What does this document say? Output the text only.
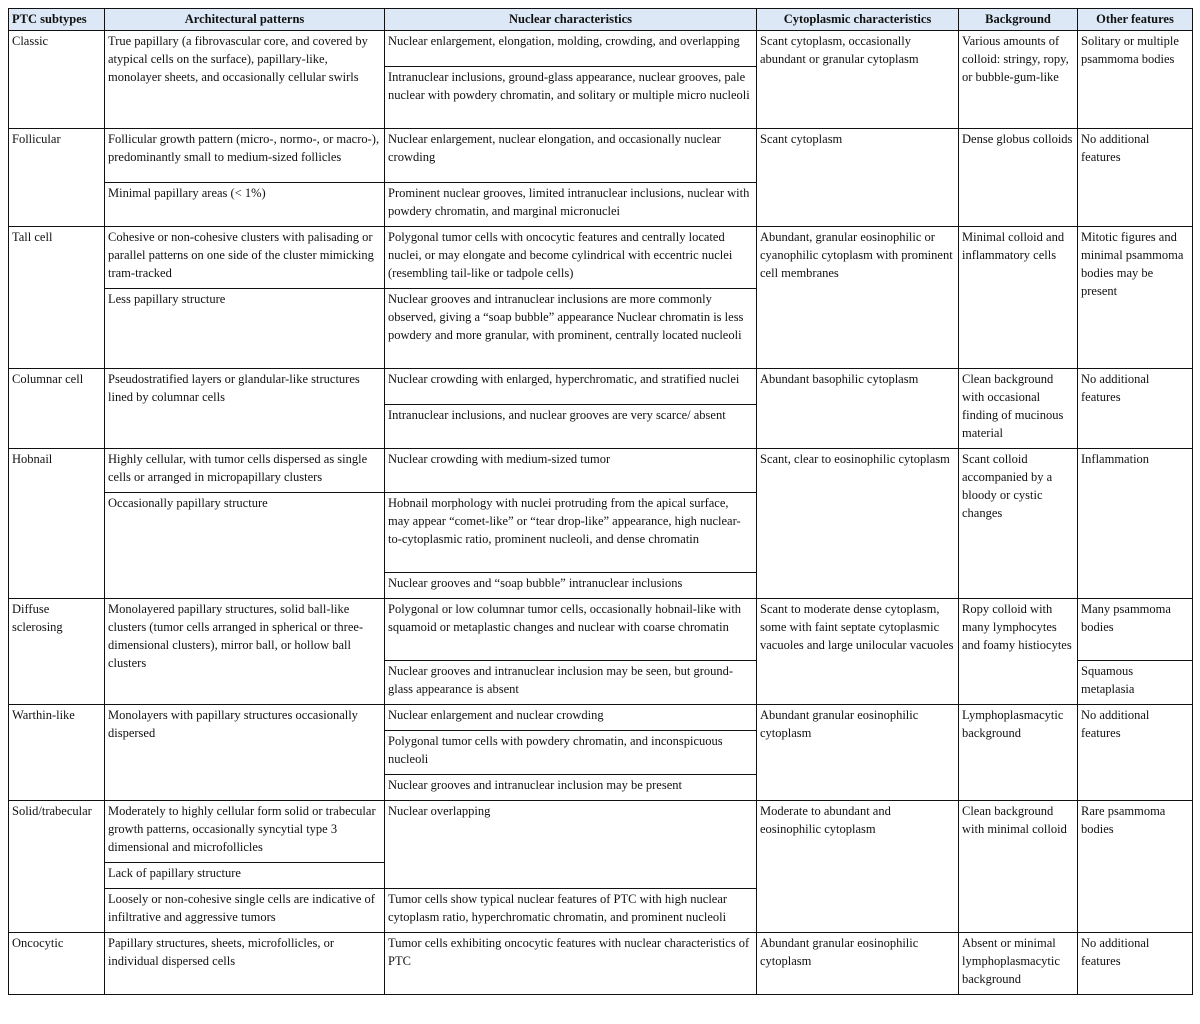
PTC subtypes	Architectural patterns	Nuclear characteristics	Cytoplasmic characteristics	Background	Other features
Classic	True papillary (a fibrovascular core, and covered by atypical cells on the surface), papillary-like, monolayer sheets, and occasionally cellular swirls	Nuclear enlargement, elongation, molding, crowding, and overlapping	Scant cytoplasm, occasionally abundant or granular cytoplasm	Various amounts of colloid: stringy, ropy, or bubble-gum-like	Solitary or multiple psammoma bodies
		Intranuclear inclusions, ground-glass appearance, nuclear grooves, pale nuclear with powdery chromatin, and solitary or multiple micro nucleoli			
Follicular	Follicular growth pattern (micro-, normo-, or macro-), predominantly small to medium-sized follicles	Nuclear enlargement, nuclear elongation, and occasionally nuclear crowding	Scant cytoplasm	Dense globus colloids	No additional features
	Minimal papillary areas (< 1%)	Prominent nuclear grooves, limited intranuclear inclusions, nuclear with powdery chromatin, and marginal micronuclei			
Tall cell	Cohesive or non-cohesive clusters with palisading or parallel patterns on one side of the cluster mimicking tram-tracked	Polygonal tumor cells with oncocytic features and centrally located nuclei, or may elongate and become cylindrical with eccentric nuclei (resembling tail-like or tadpole cells)	Abundant, granular eosinophilic or cyanophilic cytoplasm with prominent cell membranes	Minimal colloid and inflammatory cells	Mitotic figures and minimal psammoma bodies may be present
	Less papillary structure	Nuclear grooves and intranuclear inclusions are more commonly observed, giving a “soap bubble” appearance Nuclear chromatin is less powdery and more granular, with prominent, centrally located nucleoli			
Columnar cell	Pseudostratified layers or glandular-like structures lined by columnar cells	Nuclear crowding with enlarged, hyperchromatic, and stratified nuclei	Abundant basophilic cytoplasm	Clean background with occasional finding of mucinous material	No additional features
		Intranuclear inclusions, and nuclear grooves are very scarce/ absent			
Hobnail	Highly cellular, with tumor cells dispersed as single cells or arranged in micropapillary clusters	Nuclear crowding with medium-sized tumor	Scant, clear to eosinophilic cytoplasm	Scant colloid accompanied by a bloody or cystic changes	Inflammation
	Occasionally papillary structure	Hobnail morphology with nuclei protruding from the apical surface, may appear “comet-like” or “tear drop-like” appearance, high nuclear-to-cytoplasmic ratio, prominent nucleoli, and dense chromatin			
		Nuclear grooves and “soap bubble” intranuclear inclusions			
Diffuse sclerosing	Monolayered papillary structures, solid ball-like clusters (tumor cells arranged in spherical or three-dimensional clusters), mirror ball, or hollow ball clusters	Polygonal or low columnar tumor cells, occasionally hobnail-like with squamoid or metaplastic changes and nuclear with coarse chromatin	Scant to moderate dense cytoplasm, some with faint septate cytoplasmic vacuoles and large unilocular vacuoles	Ropy colloid with many lymphocytes and foamy histiocytes	Many psammoma bodies
		Nuclear grooves and intranuclear inclusion may be seen, but ground-glass appearance is absent			Squamous metaplasia
Warthin-like	Monolayers with papillary structures occasionally dispersed	Nuclear enlargement and nuclear crowding	Abundant granular eosinophilic cytoplasm	Lymphoplasmacytic background	No additional features
		Polygonal tumor cells with powdery chromatin, and inconspicuous nucleoli			
		Nuclear grooves and intranuclear inclusion may be present			
Solid/trabecular	Moderately to highly cellular form solid or trabecular growth patterns, occasionally syncytial type 3 dimensional and microfollicles	Nuclear overlapping	Moderate to abundant and eosinophilic cytoplasm	Clean background with minimal colloid	Rare psammoma bodies
	Lack of papillary structure				
	Loosely or non-cohesive single cells are indicative of infiltrative and aggressive tumors	Tumor cells show typical nuclear features of PTC with high nuclear cytoplasm ratio, hyperchromatic chromatin, and prominent nucleoli			
Oncocytic	Papillary structures, sheets, microfollicles, or individual dispersed cells	Tumor cells exhibiting oncocytic features with nuclear characteristics of PTC	Abundant granular eosinophilic cytoplasm	Absent or minimal lymphoplasmacytic background	No additional features
